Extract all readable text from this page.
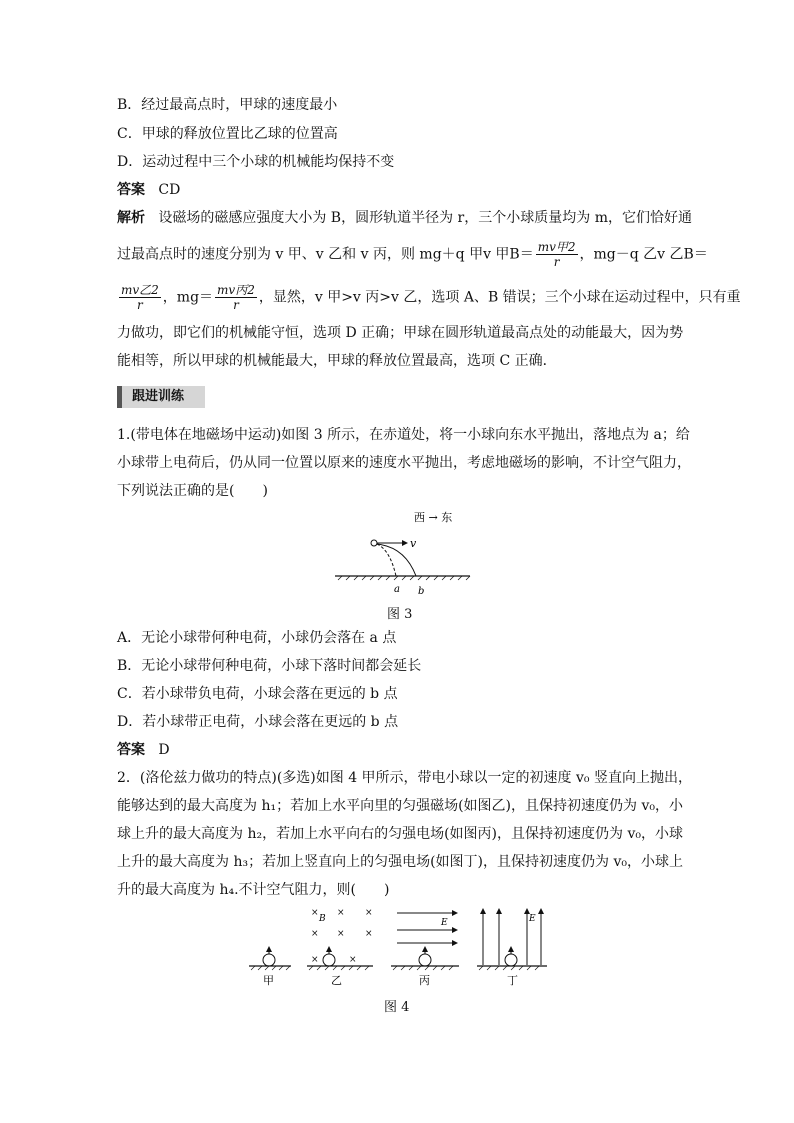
B．经过最高点时，甲球的速度最小
C．甲球的释放位置比乙球的位置高
D．运动过程中三个小球的机械能均保持不变
答案 CD
解析 设磁场的磁感应强度大小为 B，圆形轨道半径为 r，三个小球质量均为 m，它们恰好通
过最高点时的速度分别为 v 甲、v 乙和 v 丙，则 mg＋q 甲v 甲$B= \frac{\text{mv甲2}}{r}$ ，mg－q 乙v 乙B＝
$\frac{\text{mv乙2}}{r}$ ，$mg= \frac{\text{mv丙2}}{r}$ ，显然，v 甲>v 丙>v 乙，选项 A、B 错误；三个小球在运动过程中，只有重
力做功，即它们的机械能守恒，选项 D 正确；甲球在圆形轨道最高点处的动能最大，因为势
能相等，所以甲球的机械能最大，甲球的释放位置最高，选项 C 正确．
跟进训练
1.(带电体在地磁场中运动)如图 3 所示，在赤道处，将一小球向东水平抛出，落地点为 a；给
小球带上电荷后，仍从同一位置以原来的速度水平抛出，考虑地磁场的影响，不计空气阻力，
下列说法正确的是(　　)
西 → 东
v
a b
图 3
A．无论小球带何种电荷，小球仍会落在 a 点
B．无论小球带何种电荷，小球下落时间都会延长
C．若小球带负电荷，小球会落在更远的 b 点
D．若小球带正电荷，小球会落在更远的 b 点
答案 D
2．(洛伦兹力做功的特点)(多选)如图 4 甲所示，带电小球以一定的初速度 v₀ 竖直向上抛出，
能够达到的最大高度为 h₁；若加上水平向里的匀强磁场(如图乙)，且保持初速度仍为 v₀，小
球上升的最大高度为 h₂，若加上水平向右的匀强电场(如图丙)，且保持初速度仍为 v₀，小球
上升的最大高度为 h₃；若加上竖直向上的匀强电场(如图丁)，且保持初速度仍为 v₀，小球上
升的最大高度为 h₄.不计空气阻力，则(　　)
× × ×
× × ×
×	×
B	E	E
甲	乙	丙	丁
图 4
